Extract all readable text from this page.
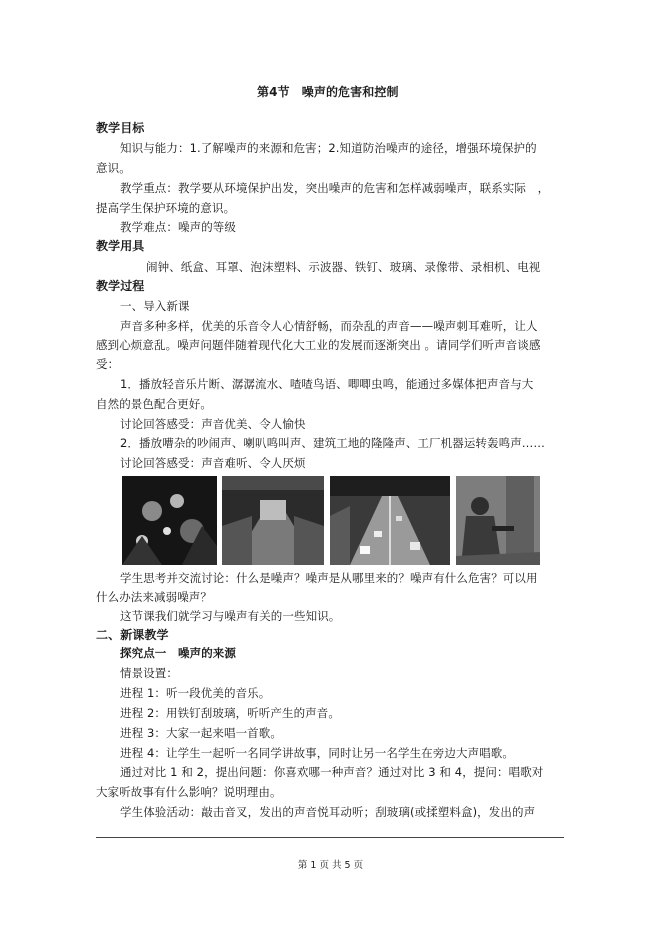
第4节　噪声的危害和控制
教学目标
知识与能力：1.了解噪声的来源和危害；2.知道防治噪声的途径，增强环境保护的
意识。
教学重点：教学要从环境保护出发，突出噪声的危害和怎样减弱噪声，联系实际　，
提高学生保护环境的意识。
教学难点：噪声的等级
教学用具
闹钟、纸盒、耳罩、泡沫塑料、示波器、铁钉、玻璃、录像带、录相机、电视
教学过程
一、导入新课
声音多种多样，优美的乐音令人心情舒畅，而杂乱的声音——噪声刺耳难听，让人
感到心烦意乱。噪声问题伴随着现代化大工业的发展而逐渐突出 。请同学们听声音谈感
受：
1．播放轻音乐片断、潺潺流水、喳喳鸟语、唧唧虫鸣，能通过多媒体把声音与大
自然的景色配合更好。
讨论回答感受：声音优美、令人愉快
2．播放嘈杂的吵闹声、喇叭鸣叫声、建筑工地的隆隆声、工厂机器运转轰鸣声……
讨论回答感受：声音难听、令人厌烦
学生思考并交流讨论：什么是噪声？噪声是从哪里来的？噪声有什么危害？可以用
什么办法来减弱噪声？
这节课我们就学习与噪声有关的一些知识。
二、新课教学
探究点一　噪声的来源
情景设置：
进程 1：听一段优美的音乐。
进程 2：用铁钉刮玻璃，听听产生的声音。
进程 3：大家一起来唱一首歌。
进程 4：让学生一起听一名同学讲故事，同时让另一名学生在旁边大声唱歌。
通过对比 1 和 2，提出问题：你喜欢哪一种声音？通过对比 3 和 4，提问：唱歌对
大家听故事有什么影响？说明理由。
学生体验活动：敲击音叉，发出的声音悦耳动听；刮玻璃(或揉塑料盒)，发出的声
第 1 页 共 5 页
